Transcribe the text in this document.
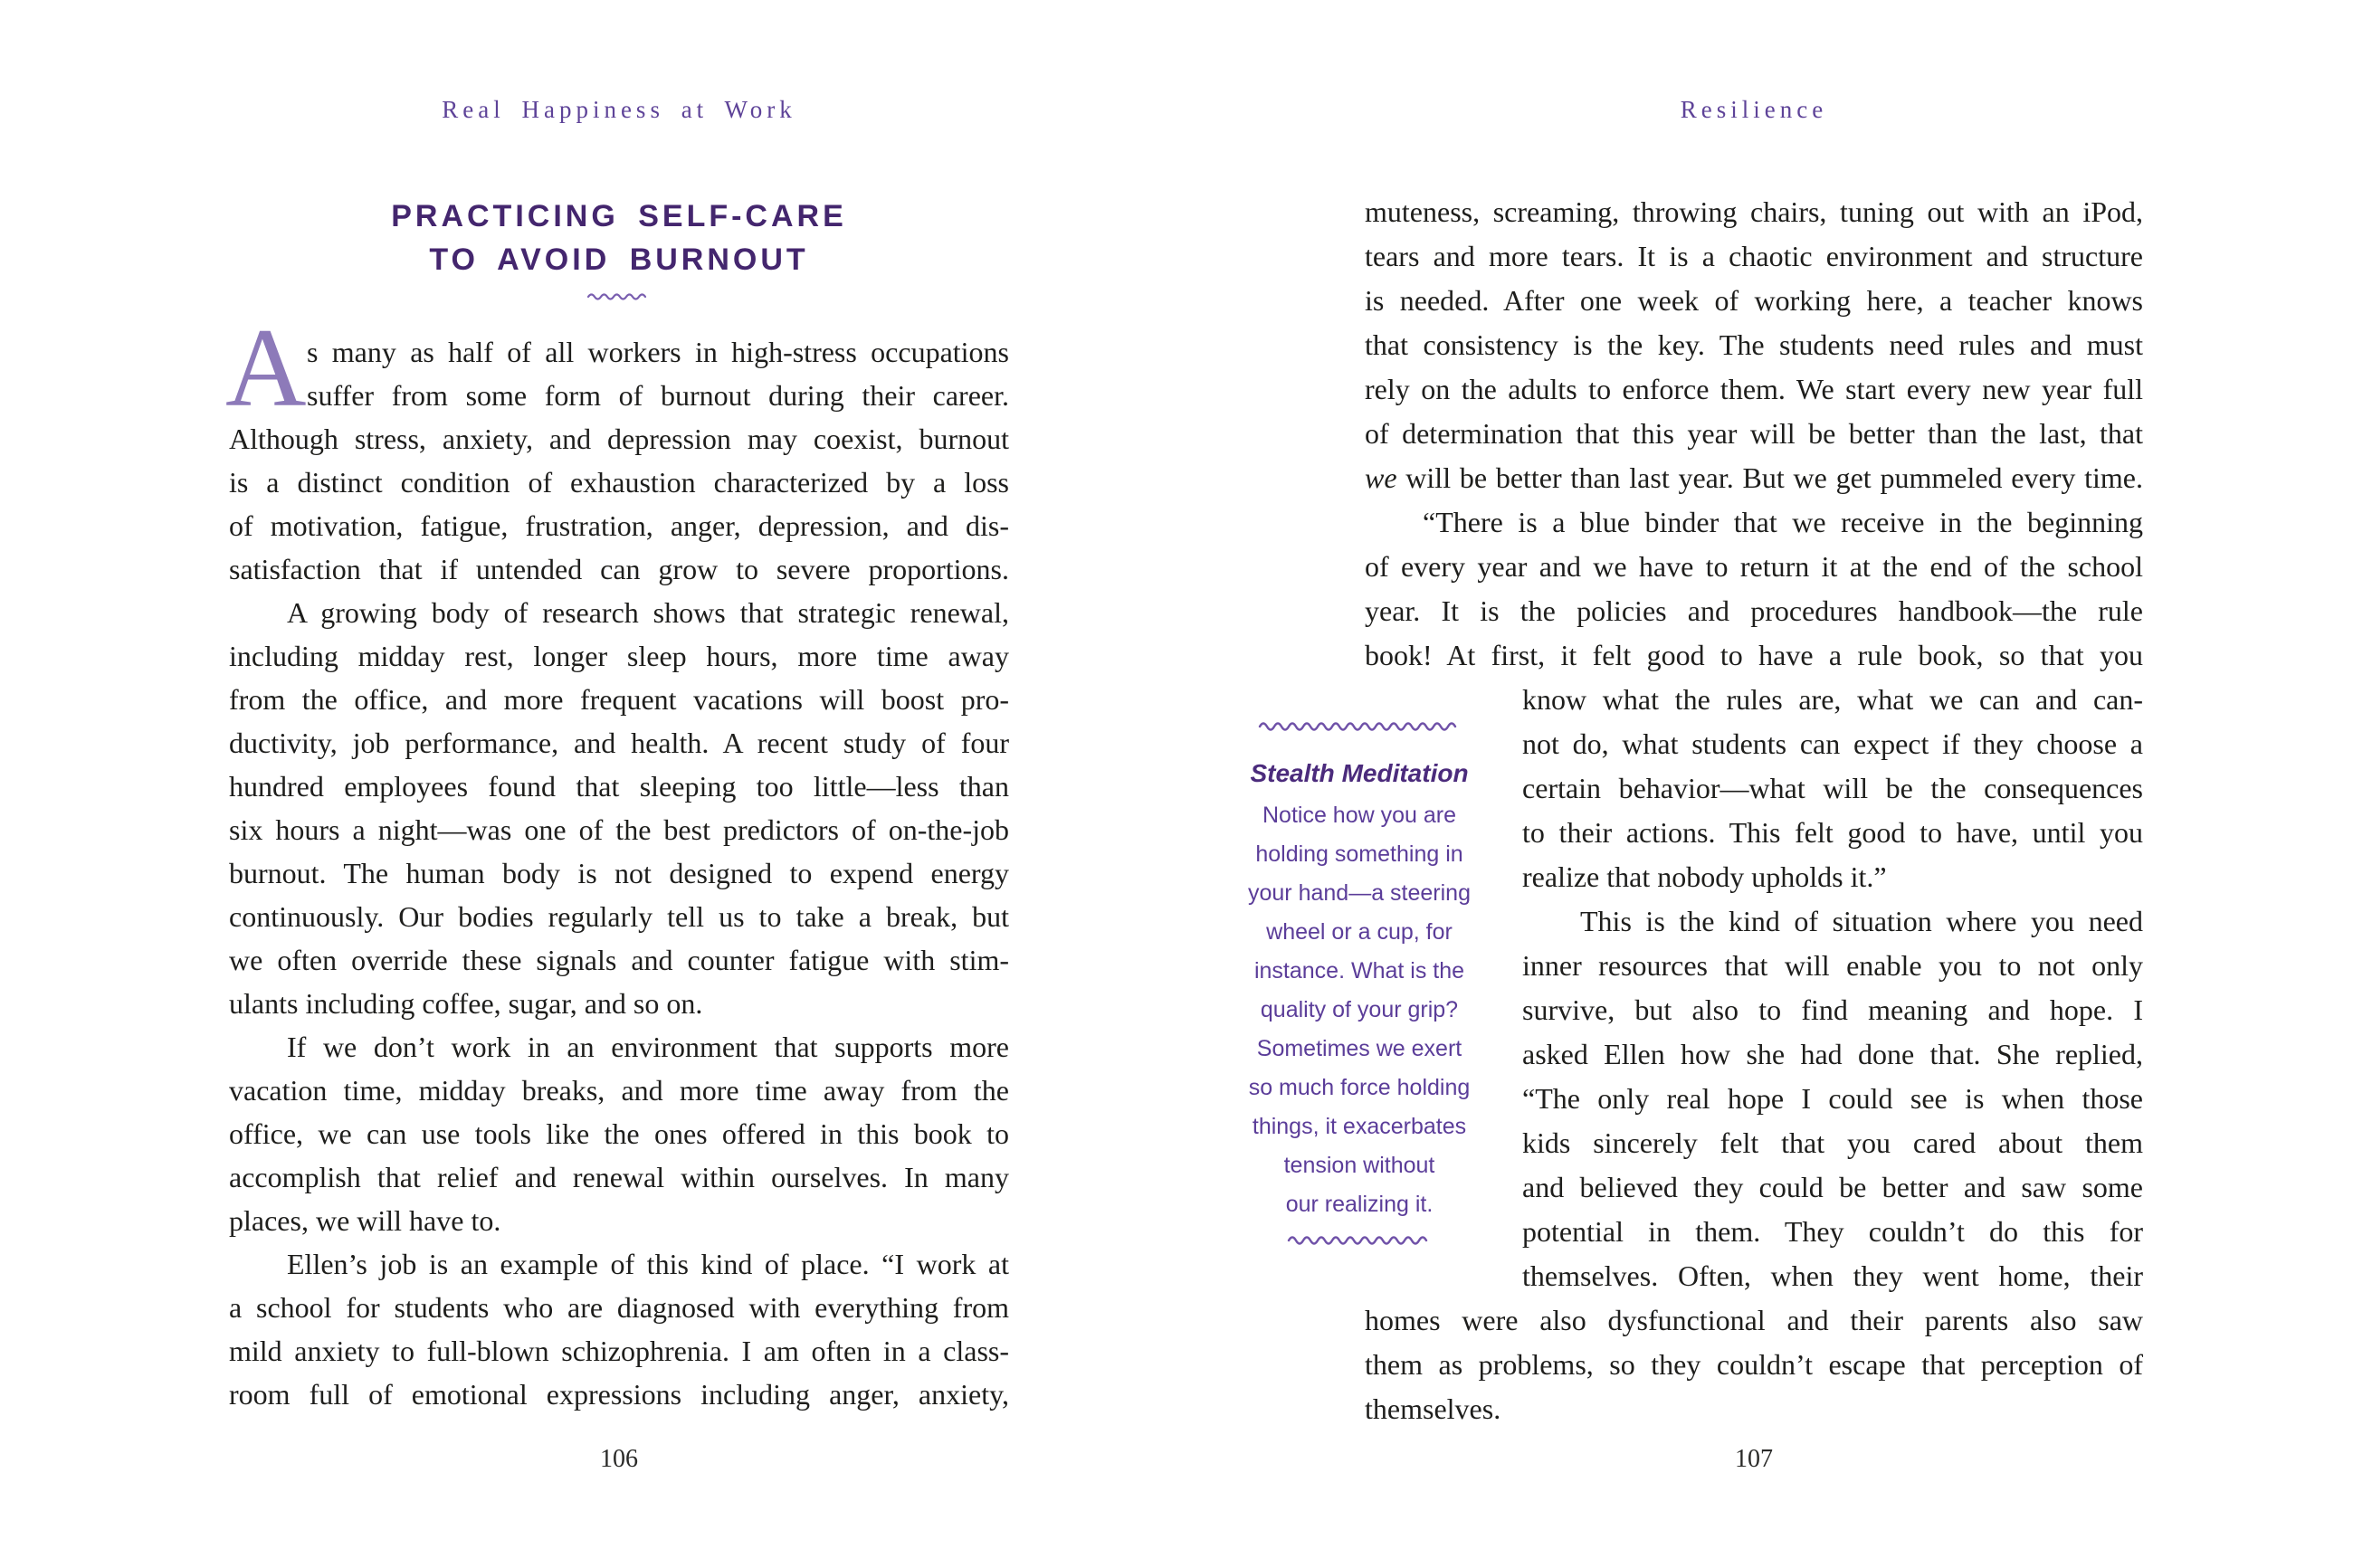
Real Happiness at Work
PRACTICING SELF-CARE
TO AVOID BURNOUT
A s many as half of all workers in high-stress occupations
suffer from some form of burnout during their career.
Although stress, anxiety, and depression may coexist, burnout
is a distinct condition of exhaustion characterized by a loss
of motivation, fatigue, frustration, anger, depression, and dis-
satisfaction that if untended can grow to severe proportions.
A growing body of research shows that strategic renewal,
including midday rest, longer sleep hours, more time away
from the office, and more frequent vacations will boost pro-
ductivity, job performance, and health. A recent study of four
hundred employees found that sleeping too little—less than
six hours a night—was one of the best predictors of on-the-job
burnout. The human body is not designed to expend energy
continuously. Our bodies regularly tell us to take a break, but
we often override these signals and counter fatigue with stim-
ulants including coffee, sugar, and so on.
If we don’t work in an environment that supports more
vacation time, midday breaks, and more time away from the
office, we can use tools like the ones offered in this book to
accomplish that relief and renewal within ourselves. In many
places, we will have to.
Ellen’s job is an example of this kind of place. “I work at
a school for students who are diagnosed with everything from
mild anxiety to full-blown schizophrenia. I am often in a class-
room full of emotional expressions including anger, anxiety,
106
Resilience
muteness, screaming, throwing chairs, tuning out with an iPod,
tears and more tears. It is a chaotic environment and structure
is needed. After one week of working here, a teacher knows
that consistency is the key. The students need rules and must
rely on the adults to enforce them. We start every new year full
of determination that this year will be better than the last, that
we will be better than last year. But we get pummeled every time.
“There is a blue binder that we receive in the beginning
of every year and we have to return it at the end of the school
year. It is the policies and procedures handbook—the rule
book! At first, it felt good to have a rule book, so that you
know what the rules are, what we can and can-
not do, what students can expect if they choose a
certain behavior—what will be the consequences
to their actions. This felt good to have, until you
realize that nobody upholds it.”
This is the kind of situation where you need
inner resources that will enable you to not only
survive, but also to find meaning and hope. I
asked Ellen how she had done that. She replied,
“The only real hope I could see is when those
kids sincerely felt that you cared about them
and believed they could be better and saw some
potential in them. They couldn’t do this for
themselves. Often, when they went home, their
homes were also dysfunctional and their parents also saw
them as problems, so they couldn’t escape that perception of
themselves.
Stealth Meditation
Notice how you are
holding something in
your hand—a steering
wheel or a cup, for
instance. What is the
quality of your grip?
Sometimes we exert
so much force holding
things, it exacerbates
tension without
our realizing it.
107
